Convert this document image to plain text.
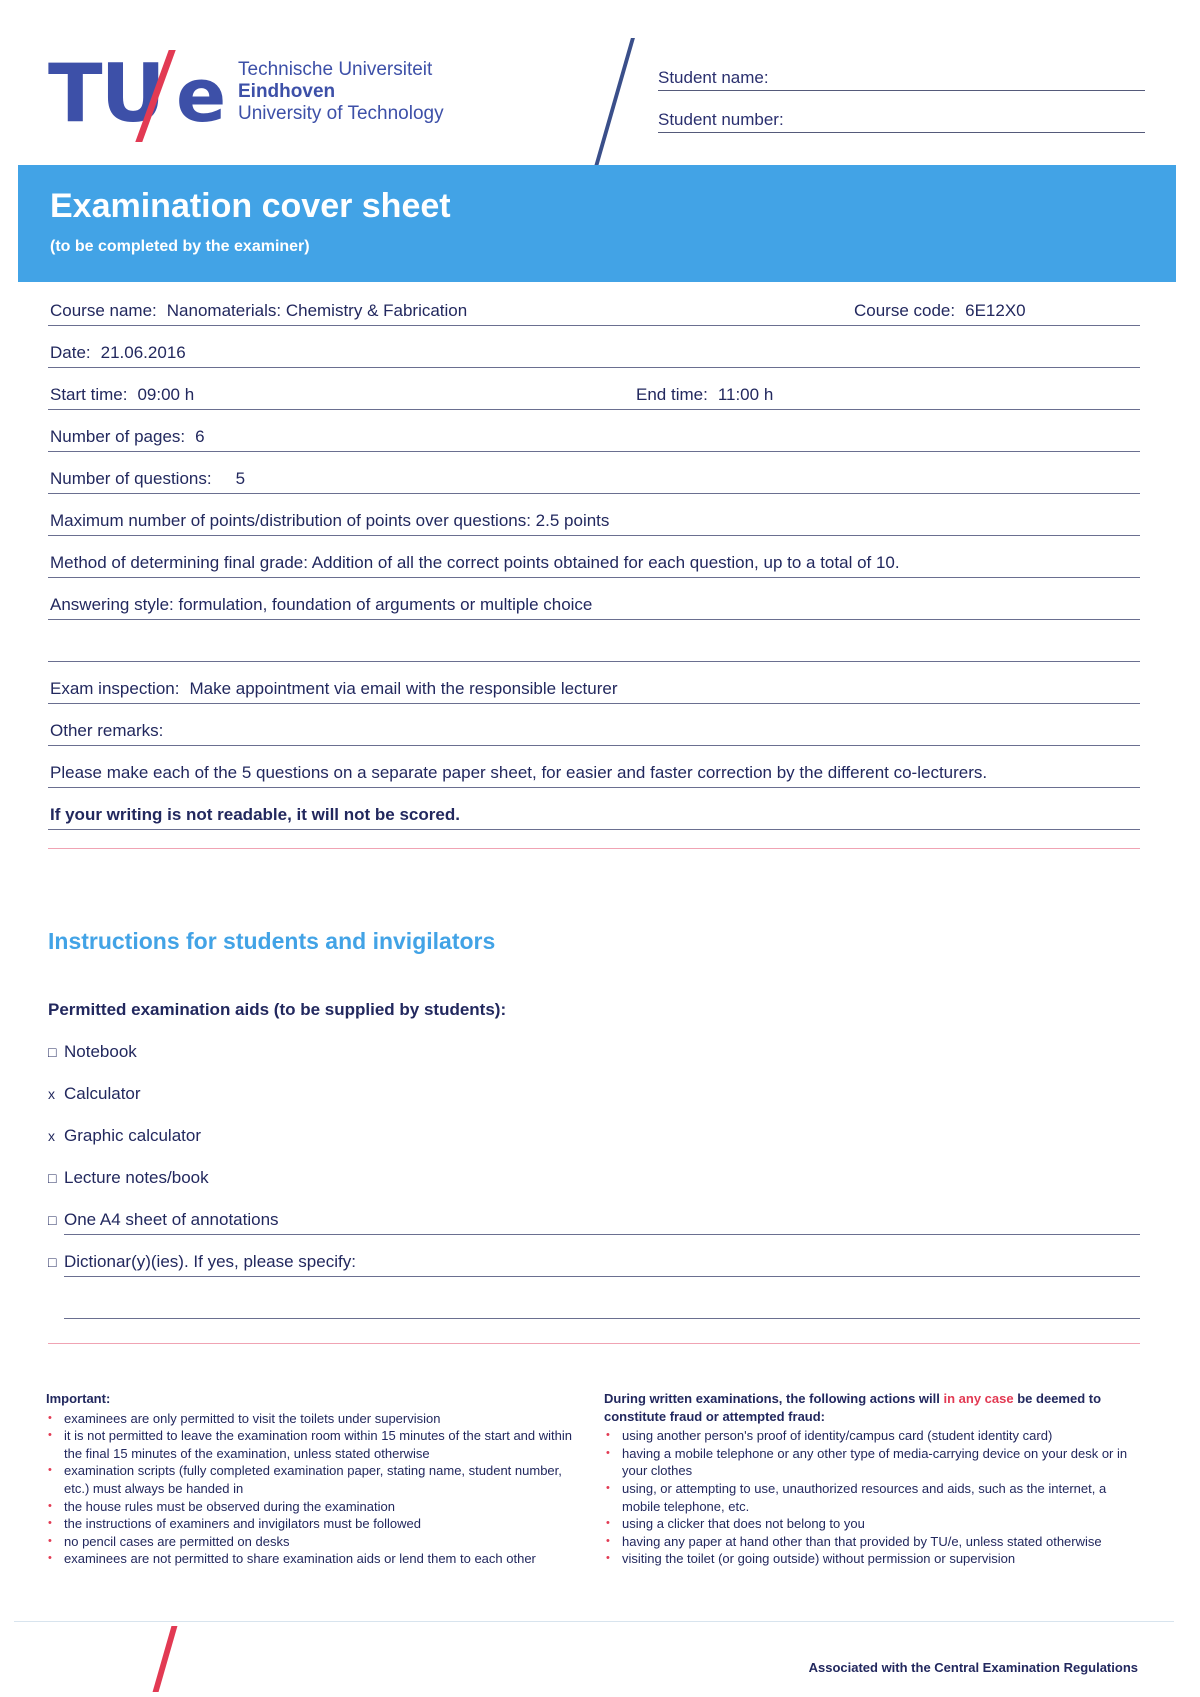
TU e Technische Universiteit
Eindhoven
University of Technology
Student name:
Student number:
Examination cover sheet
(to be completed by the examiner)
Course name: Nanomaterials: Chemistry & Fabrication	Course code: 6E12X0
Date: 21.06.2016
Start time: 09:00 h	End time: 11:00 h
Number of pages: 6
Number of questions: 5
Maximum number of points/distribution of points over questions: 2.5 points
Method of determining final grade: Addition of all the correct points obtained for each question, up to a total of 10.
Answering style: formulation, foundation of arguments or multiple choice
Exam inspection: Make appointment via email with the responsible lecturer
Other remarks:
Please make each of the 5 questions on a separate paper sheet, for easier and faster correction by the different co-lecturers.
If your writing is not readable, it will not be scored.
Instructions for students and invigilators
Permitted examination aids (to be supplied by students):
□ Notebook
x Calculator
x Graphic calculator
□ Lecture notes/book
□ One A4 sheet of annotations
□ Dictionar(y)(ies). If yes, please specify:
Important:
• examinees are only permitted to visit the toilets under supervision
• it is not permitted to leave the examination room within 15 minutes of the start and within the final 15 minutes of the examination, unless stated otherwise
• examination scripts (fully completed examination paper, stating name, student number, etc.) must always be handed in
• the house rules must be observed during the examination
• the instructions of examiners and invigilators must be followed
• no pencil cases are permitted on desks
• examinees are not permitted to share examination aids or lend them to each other
During written examinations, the following actions will in any case be deemed to constitute fraud or attempted fraud:
• using another person's proof of identity/campus card (student identity card)
• having a mobile telephone or any other type of media-carrying device on your desk or in your clothes
• using, or attempting to use, unauthorized resources and aids, such as the internet, a mobile telephone, etc.
• using a clicker that does not belong to you
• having any paper at hand other than that provided by TU/e, unless stated otherwise
• visiting the toilet (or going outside) without permission or supervision
Associated with the Central Examination Regulations
